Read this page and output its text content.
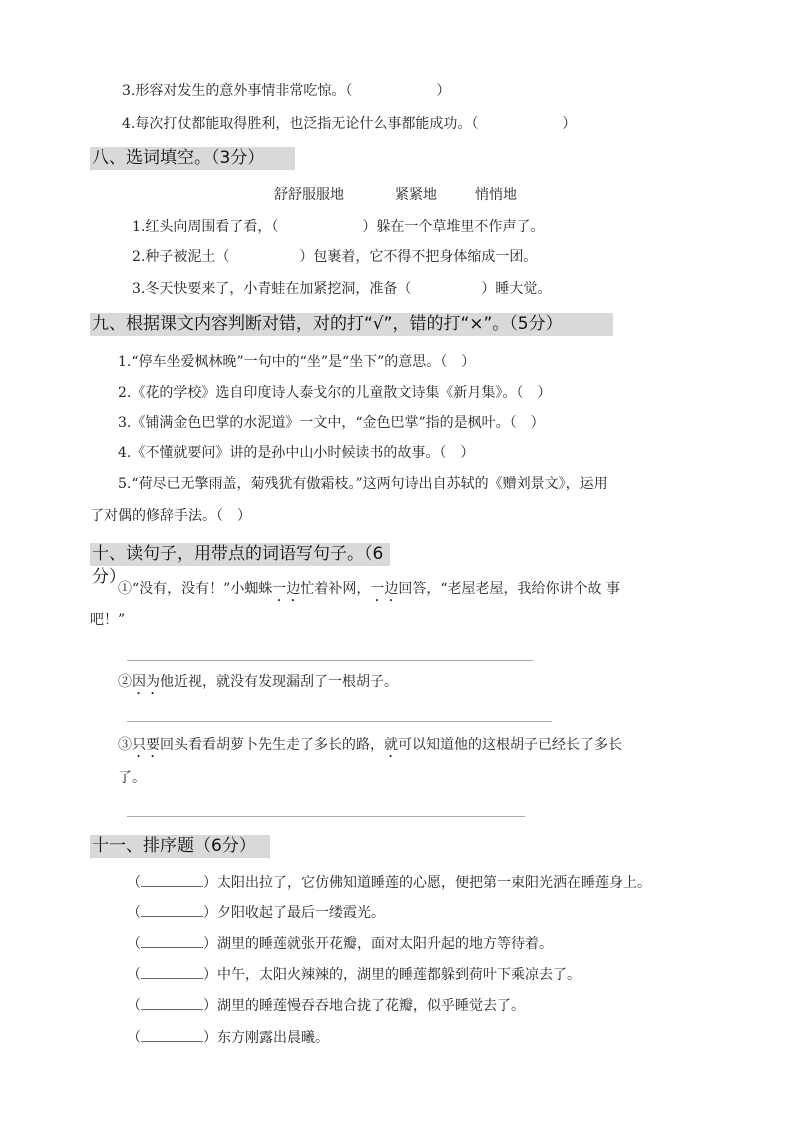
3.形容对发生的意外事情非常吃惊。（　　　　　　）
4.每次打仗都能取得胜利，也泛指无论什么事都能成功。（　　　　　　）
八、选词填空。（3分）
舒舒服服地	紧紧地	悄悄地
1.红头向周围看了看，（　　　　　　）躲在一个草堆里不作声了。
2.种子被泥土（　　　　　）包裹着，它不得不把身体缩成一团。
3.冬天快要来了，小青蛙在加紧挖洞，准备（　　　　　）睡大觉。
九、根据课文内容判断对错，对的打“√”，错的打“×”。（5分）
1.“停车坐爱枫林晚”一句中的“坐”是“坐下”的意思。（　）
2.《花的学校》选自印度诗人泰戈尔的儿童散文诗集《新月集》。（　）
3.《铺满金色巴掌的水泥道》一文中，“金色巴掌”指的是枫叶。（　）
4.《不懂就要问》讲的是孙中山小时候读书的故事。（　）
5.“荷尽已无擎雨盖，菊残犹有傲霜枝。”这两句诗出自苏轼的《赠刘景文》，运用
了对偶的修辞手法。（　）
十、读句子，用带点的词语写句子。（6分）
①“没有，没有！”小蜘蛛一边忙着补网，一边回答，“老屋老屋，我给你讲个故 事
吧！”
②因为他近视，就没有发现漏刮了一根胡子。
③只要回头看看胡萝卜先生走了多长的路，就可以知道他的这根胡子已经长了多长
了。
十一、排序题（6分）
（	）太阳出拉了，它仿佛知道睡莲的心愿，便把第一束阳光洒在睡莲身上。
（	）夕阳收起了最后一缕霞光。
（	）湖里的睡莲就张开花瓣，面对太阳升起的地方等待着。
（	）中午，太阳火辣辣的，湖里的睡莲都躲到荷叶下乘凉去了。
（	）湖里的睡莲慢吞吞地合拢了花瓣，似乎睡觉去了。
（	）东方刚露出晨曦。
